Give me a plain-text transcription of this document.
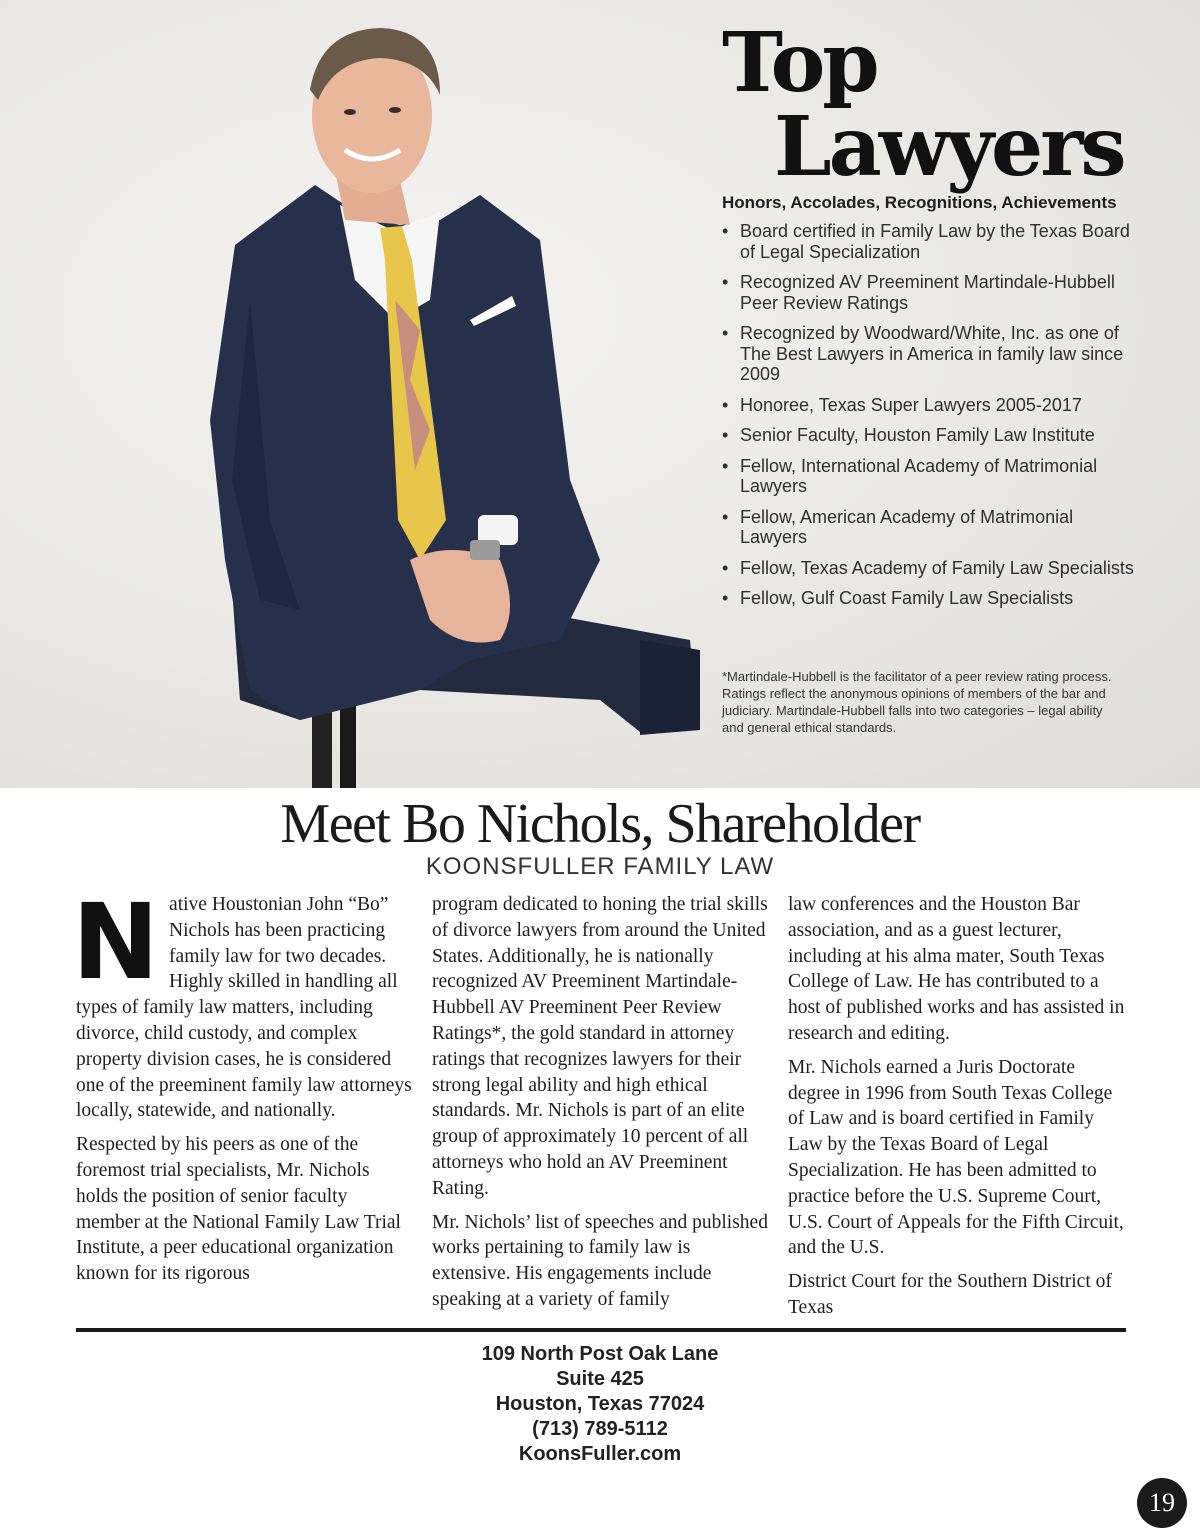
Top
Lawyers
Honors, Accolades, Recognitions, Achievements
• Board certified in Family Law by the Texas Board of Legal Specialization
• Recognized AV Preeminent Martindale-Hubbell Peer Review Ratings
• Recognized by Woodward/White, Inc. as one of The Best Lawyers in America in family law since 2009
• Honoree, Texas Super Lawyers 2005-2017
• Senior Faculty, Houston Family Law Institute
• Fellow, International Academy of Matrimonial Lawyers
• Fellow, American Academy of Matrimonial Lawyers
• Fellow, Texas Academy of Family Law Specialists
• Fellow, Gulf Coast Family Law Specialists
*Martindale-Hubbell is the facilitator of a peer review rating process. Ratings reflect the anonymous opinions of members of the bar and judiciary. Martindale-Hubbell falls into two categories – legal ability and general ethical standards.
Meet Bo Nichols, Shareholder
KOONSFULLER FAMILY LAW

Native Houstonian John “Bo” Nichols has been practicing family law for two decades. Highly skilled in handling all types of family law matters, including divorce, child custody, and complex property division cases, he is considered one of the preeminent family law attorneys locally, statewide, and nationally.

Respected by his peers as one of the foremost trial specialists, Mr. Nichols holds the position of senior faculty member at the National Family Law Trial Institute, a peer educational organization known for its rigorous

program dedicated to honing the trial skills of divorce lawyers from around the United States. Additionally, he is nationally recognized AV Preeminent Martindale-Hubbell AV Preeminent Peer Review Ratings*, the gold standard in attorney ratings that recognizes lawyers for their strong legal ability and high ethical standards. Mr. Nichols is part of an elite group of approximately 10 percent of all attorneys who hold an AV Preeminent Rating.

Mr. Nichols’ list of speeches and published works pertaining to family law is extensive. His engagements include speaking at a variety of family

law conferences and the Houston Bar association, and as a guest lecturer, including at his alma mater, South Texas College of Law. He has contributed to a host of published works and has assisted in research and editing.

Mr. Nichols earned a Juris Doctorate degree in 1996 from South Texas College of Law and is board certified in Family Law by the Texas Board of Legal Specialization. He has been admitted to practice before the U.S. Supreme Court, U.S. Court of Appeals for the Fifth Circuit, and the U.S.

District Court for the Southern District of Texas

109 North Post Oak Lane
Suite 425
Houston, Texas 77024
(713) 789-5112
KoonsFuller.com
19
